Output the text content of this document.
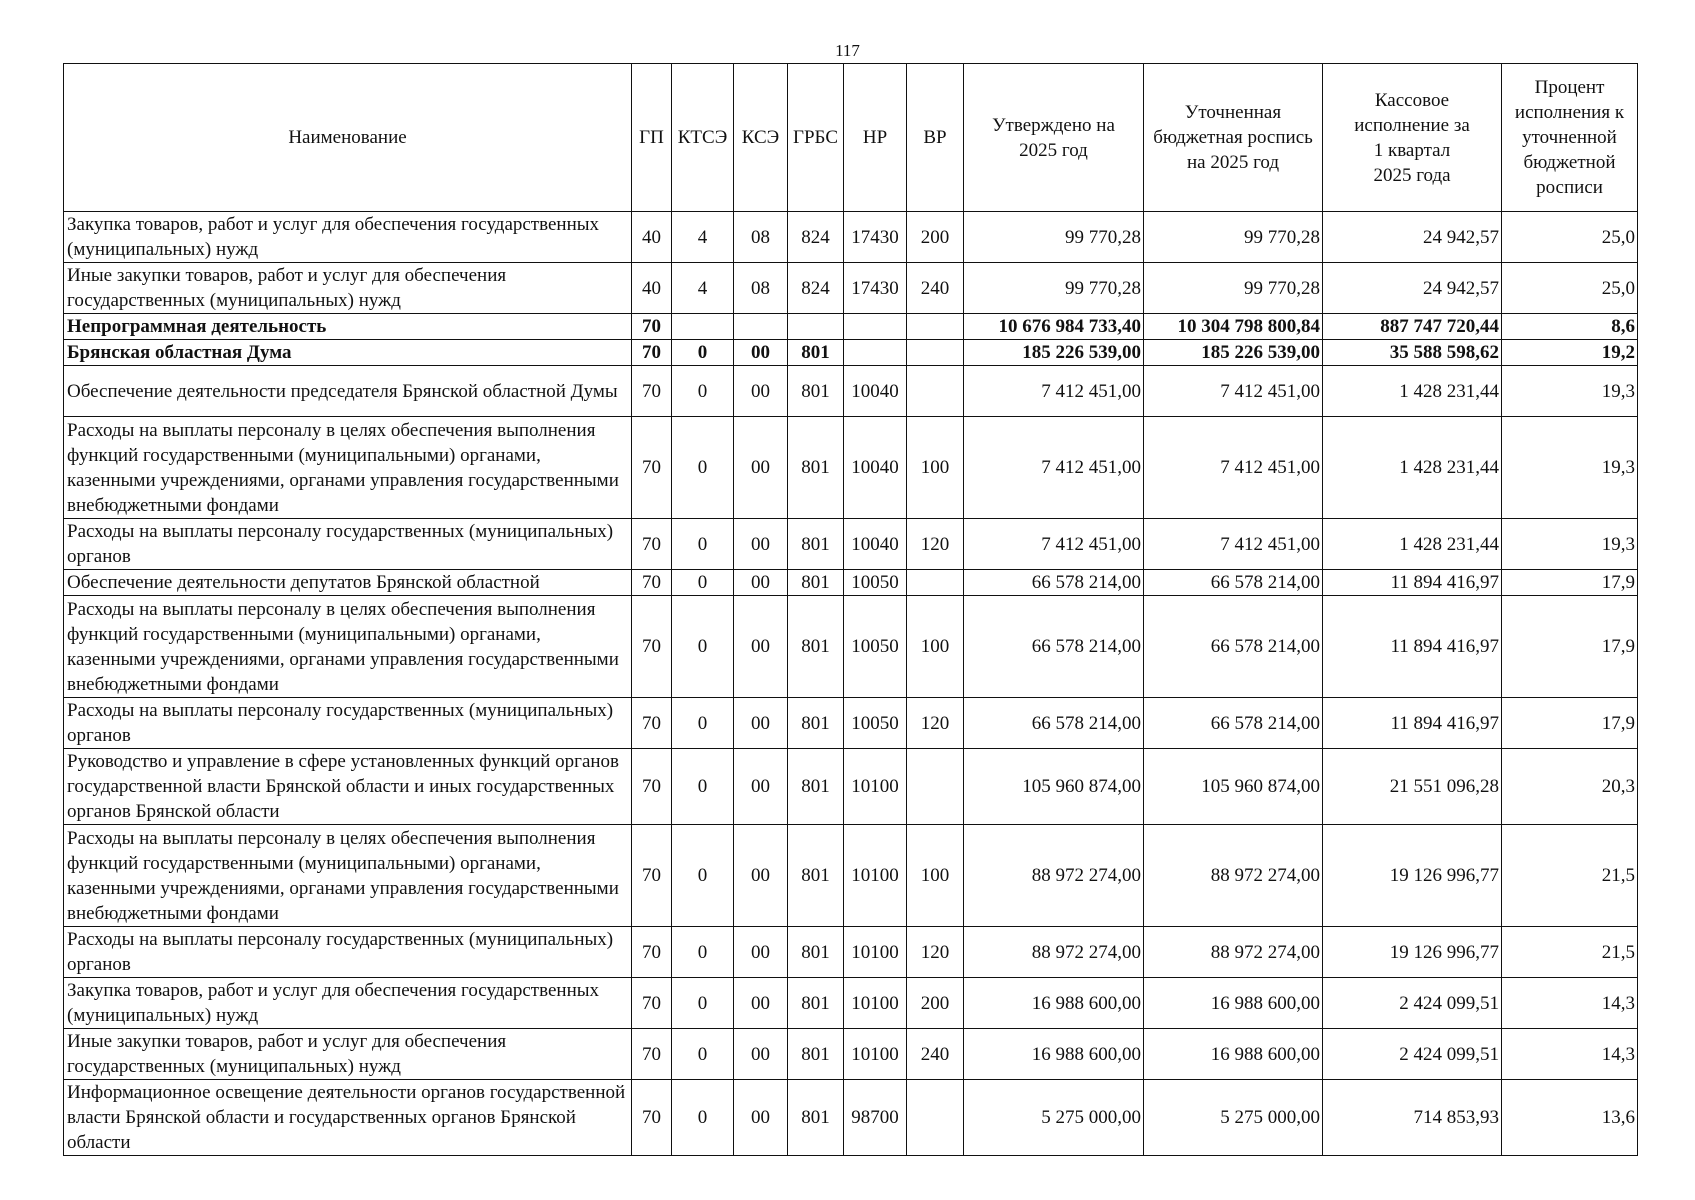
117
Наименование	ГП	КТСЭ	КСЭ	ГРБС	НР	ВР	Утверждено на 2025 год	Уточненная бюджетная роспись на 2025 год	Кассовое исполнение за 1 квартал 2025 года	Процент исполнения к уточненной бюджетной росписи
Закупка товаров, работ и услуг для обеспечения государственных (муниципальных) нужд	40	4	08	824	17430	200	99 770,28	99 770,28	24 942,57	25,0
Иные закупки товаров, работ и услуг для обеспечения государственных (муниципальных) нужд	40	4	08	824	17430	240	99 770,28	99 770,28	24 942,57	25,0
Непрограммная деятельность	70						10 676 984 733,40	10 304 798 800,84	887 747 720,44	8,6
Брянская областная Дума	70	0	00	801			185 226 539,00	185 226 539,00	35 588 598,62	19,2
Обеспечение деятельности председателя Брянской областной Думы	70	0	00	801	10040		7 412 451,00	7 412 451,00	1 428 231,44	19,3
Расходы на выплаты персоналу в целях обеспечения выполнения функций государственными (муниципальными) органами, казенными учреждениями, органами управления государственными внебюджетными фондами	70	0	00	801	10040	100	7 412 451,00	7 412 451,00	1 428 231,44	19,3
Расходы на выплаты персоналу государственных (муниципальных) органов	70	0	00	801	10040	120	7 412 451,00	7 412 451,00	1 428 231,44	19,3
Обеспечение деятельности депутатов Брянской областной	70	0	00	801	10050		66 578 214,00	66 578 214,00	11 894 416,97	17,9
Расходы на выплаты персоналу в целях обеспечения выполнения функций государственными (муниципальными) органами, казенными учреждениями, органами управления государственными внебюджетными фондами	70	0	00	801	10050	100	66 578 214,00	66 578 214,00	11 894 416,97	17,9
Расходы на выплаты персоналу государственных (муниципальных) органов	70	0	00	801	10050	120	66 578 214,00	66 578 214,00	11 894 416,97	17,9
Руководство и управление в сфере установленных функций органов государственной власти Брянской области и иных государственных органов Брянской области	70	0	00	801	10100		105 960 874,00	105 960 874,00	21 551 096,28	20,3
Расходы на выплаты персоналу в целях обеспечения выполнения функций государственными (муниципальными) органами, казенными учреждениями, органами управления государственными внебюджетными фондами	70	0	00	801	10100	100	88 972 274,00	88 972 274,00	19 126 996,77	21,5
Расходы на выплаты персоналу государственных (муниципальных) органов	70	0	00	801	10100	120	88 972 274,00	88 972 274,00	19 126 996,77	21,5
Закупка товаров, работ и услуг для обеспечения государственных (муниципальных) нужд	70	0	00	801	10100	200	16 988 600,00	16 988 600,00	2 424 099,51	14,3
Иные закупки товаров, работ и услуг для обеспечения государственных (муниципальных) нужд	70	0	00	801	10100	240	16 988 600,00	16 988 600,00	2 424 099,51	14,3
Информационное освещение деятельности органов государственной власти Брянской области и государственных органов Брянской области	70	0	00	801	98700		5 275 000,00	5 275 000,00	714 853,93	13,6
